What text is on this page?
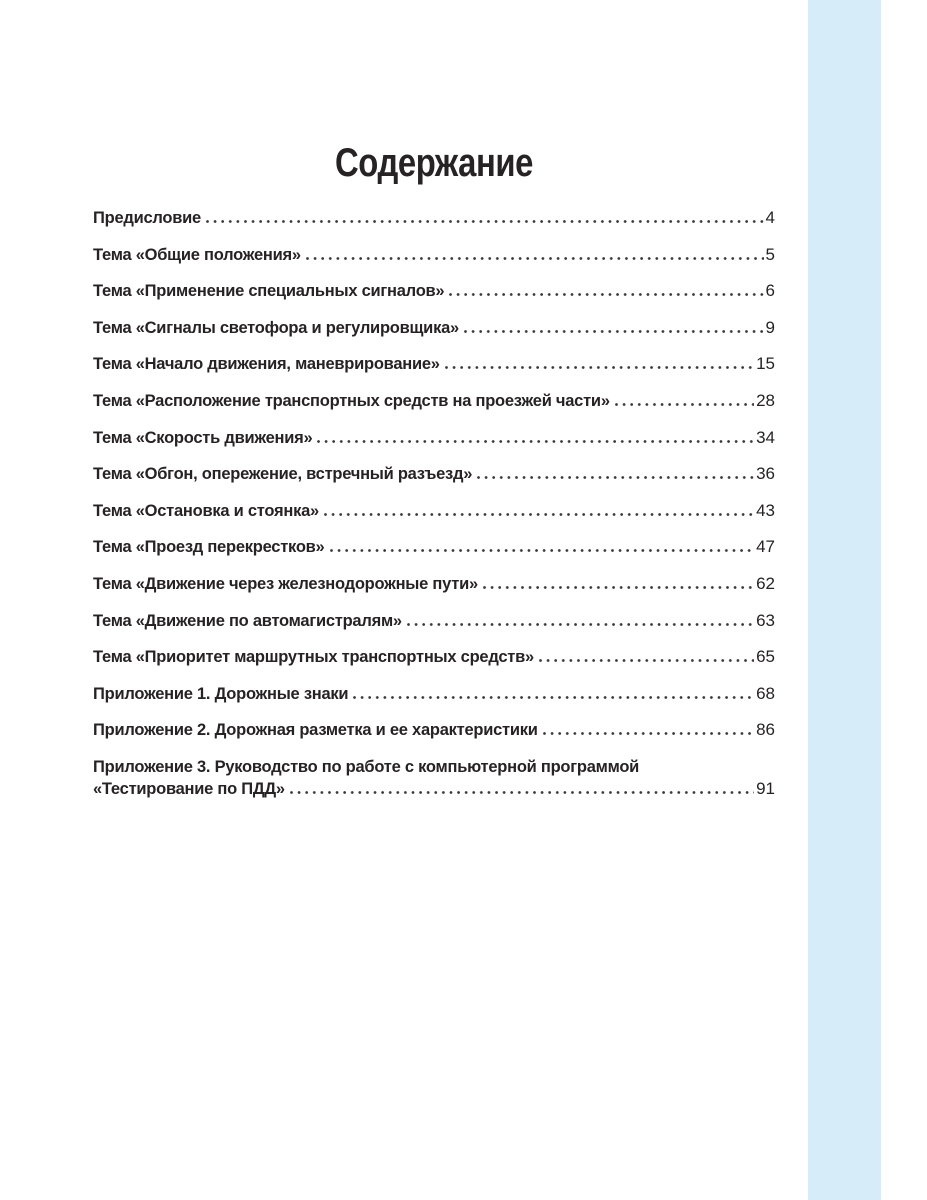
Содержание
Предисловие	4
Тема «Общие положения»	5
Тема «Применение специальных сигналов»	6
Тема «Сигналы светофора и регулировщика»	9
Тема «Начало движения, маневрирование»	15
Тема «Расположение транспортных средств на проезжей части»	28
Тема «Скорость движения»	34
Тема «Обгон, опережение, встречный разъезд»	36
Тема «Остановка и стоянка»	43
Тема «Проезд перекрестков»	47
Тема «Движение через железнодорожные пути»	62
Тема «Движение по автомагистралям»	63
Тема «Приоритет маршрутных транспортных средств»	65
Приложение 1. Дорожные знаки	68
Приложение 2. Дорожная разметка и ее характеристики	86
Приложение 3. Руководство по работе с компьютерной программой
«Тестирование по ПДД»	91
